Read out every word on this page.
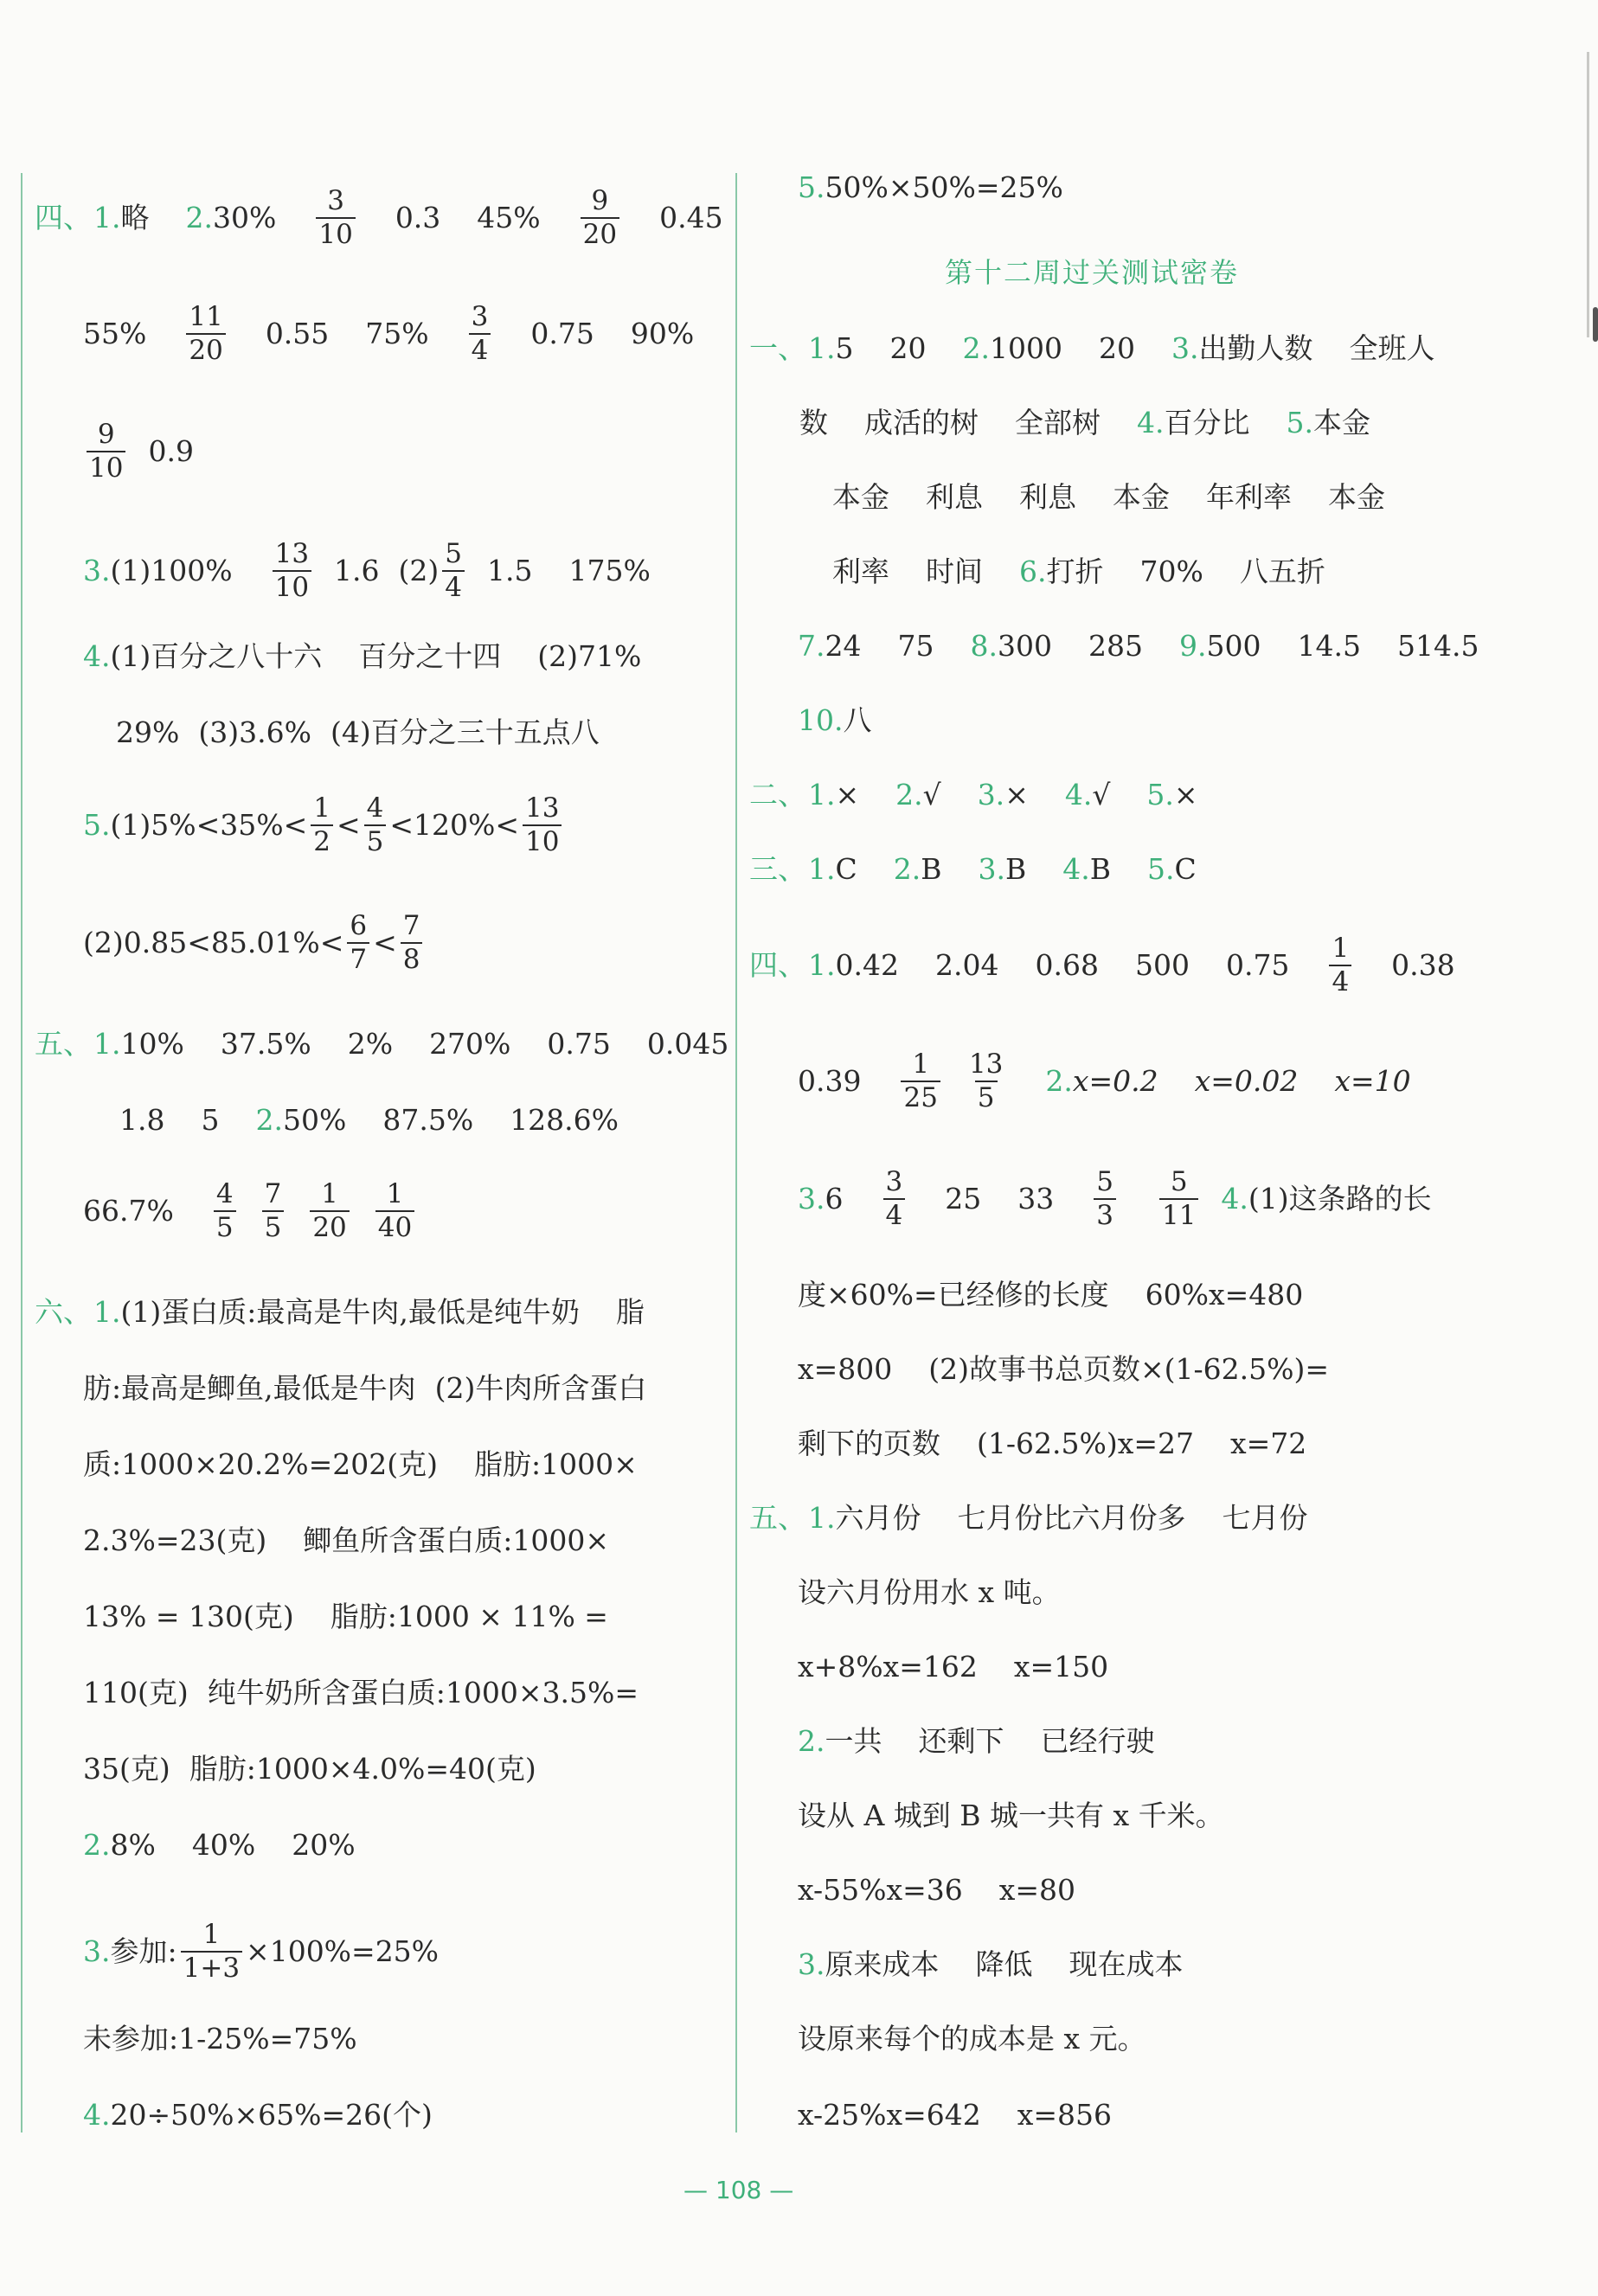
四、 1. 略 2. $30\% \frac{3}{10} 0.3$ $45\% \frac{9}{20} 0.45$
$55\% \frac{11}{20} 0.55$ $75\% \frac{3}{4} 0.75$ 90%
$\frac{9}{10} 0.9$
3. $(1)100\% \frac{13}{10} 1.6$ $(2) \frac{5}{4} 1.5$ 175%
4. (1)百分之八十六 百分之十四 (2)71%
29% (3)3.6% (4)百分之三十五点八
5. $(1)5\%<35\%< \frac{1}{2} < \frac{4}{5} <120\%< \frac{13}{10}$
$(2)0.85<85.01\%< \frac{6}{7} < \frac{7}{8}$
五、 1. 10% 37.5% 2% 270% 0.75 0.045
1.8 5 2. 50% 87.5% 128.6%
$66.7\% \frac{4}{5} \frac{7}{5} \frac{1}{20} \frac{1}{40}$
六、 1. (1)蛋白质:最高是牛肉,最低是纯牛奶 脂
肪:最高是鲫鱼,最低是牛肉 (2)牛肉所含蛋白
质:1000×20.2%=202(克) 脂肪:1000×
2.3%=23(克) 鲫鱼所含蛋白质:1000×
13% = 130(克) 脂肪:1000 × 11% =
110(克) 纯牛奶所含蛋白质:1000×3.5%=
35(克) 脂肪:1000×4.0%=40(克)
2. 8% 40% 20%
3. 参加: $\frac{1}{1+3} \times 100\%=25\%$
未参加:1-25%=75%
4. 20÷50%×65%=26(个)
5. 50%×50%=25%
第十二周过关测试密卷
一、 1. 5 20 2. 1000 20 3. 出勤人数 全班人
数 成活的树 全部树 4. 百分比 5. 本金
本金 利息 利息 本金 年利率 本金
利率 时间 6. 打折 70% 八五折
7. 24 75 8. 300 285 9. 500 14.5 514.5
10. 八
二、 1. × 2. √ 3. × 4. √ 5. ×
三、 1. C 2. B 3. B 4. B 5. C
四、 1. 0.42 2.04 0.68 500 $0.75 \frac{1}{4} 0.38$
$0.39 \frac{1}{25} \frac{13}{5} 2$. x=0.2 x=0.02 x=10
3. $6 \frac{3}{4} 25$ $33 \frac{5}{3} \frac{5}{11} 4$. (1)这条路的长
度×60%=已经修的长度 60%x=480
x=800 (2)故事书总页数×(1-62.5%)=
剩下的页数 (1-62.5%)x=27 x=72
五、 1. 六月份 七月份比六月份多 七月份
设六月份用水 x 吨。
x+8%x=162 x=150
2. 一共 还剩下 已经行驶
设从 A 城到 B 城一共有 x 千米。
x-55%x=36 x=80
3. 原来成本 降低 现在成本
设原来每个的成本是 x 元。
x-25%x=642 x=856
— 108 —
